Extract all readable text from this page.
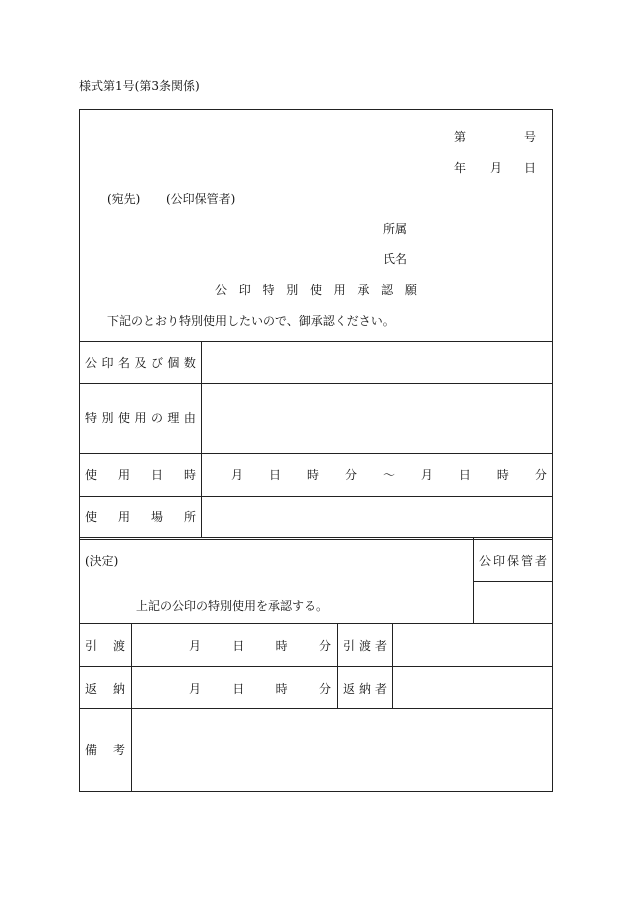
様式第1号(第3条関係)
第	号
年 月 日
(宛先) (公印保管者)
所属
氏名
公 印 特 別 使 用 承 認 願
下記のとおり特別使用したいので、御承認ください。
公 印 名 及 び 個 数
特 別 使 用 の 理 由
使 用 日 時	月 日 時 分 〜 月 日 時 分
使 用 場 所
(決定)
上記の公印の特別使用を承認する。
公 印 保 管 者
引 渡	月	日	時	分 引 渡 者
返 納	月	日	時	分 返 納 者
備 考
